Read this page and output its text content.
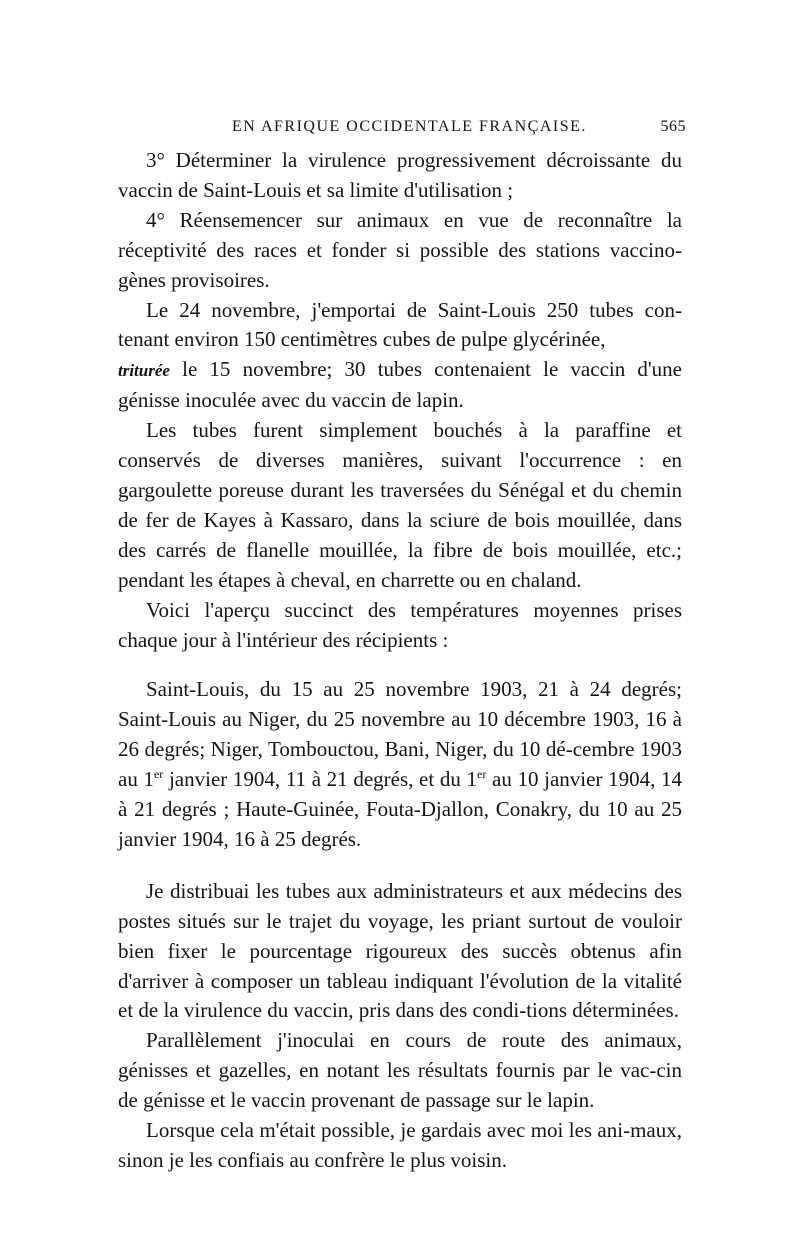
EN AFRIQUE OCCIDENTALE FRANÇAISE.	565

3° Déterminer la virulence progressivement décroissante du vaccin de Saint-Louis et sa limite d'utilisation ;

4° Réensemencer sur animaux en vue de reconnaître la réceptivité des races et fonder si possible des stations vaccino-gènes provisoires.

Le 24 novembre, j'emportai de Saint-Louis 250 tubes con-tenant environ 150 centimètres cubes de pulpe glycérinée,
triturée le 15 novembre; 30 tubes contenaient le vaccin d'une génisse inoculée avec du vaccin de lapin.

Les tubes furent simplement bouchés à la paraffine et conservés de diverses manières, suivant l'occurrence : en gargoulette poreuse durant les traversées du Sénégal et du chemin de fer de Kayes à Kassaro, dans la sciure de bois mouillée, dans des carrés de flanelle mouillée, la fibre de bois mouillée, etc.; pendant les étapes à cheval, en charrette ou en chaland.

Voici l'aperçu succinct des températures moyennes prises chaque jour à l'intérieur des récipients :

Saint-Louis, du 15 au 25 novembre 1903, 21 à 24 degrés; Saint-Louis au Niger, du 25 novembre au 10 décembre 1903, 16 à 26 degrés; Niger, Tombouctou, Bani, Niger, du 10 dé-cembre 1903 au 1er janvier 1904, 11 à 21 degrés, et du 1er au 10 janvier 1904, 14 à 21 degrés ; Haute-Guinée, Fouta-Djallon, Conakry, du 10 au 25 janvier 1904, 16 à 25 degrés.

Je distribuai les tubes aux administrateurs et aux médecins des postes situés sur le trajet du voyage, les priant surtout de vouloir bien fixer le pourcentage rigoureux des succès obtenus afin d'arriver à composer un tableau indiquant l'évolution de la vitalité et de la virulence du vaccin, pris dans des condi-tions déterminées.

Parallèlement j'inoculai en cours de route des animaux, génisses et gazelles, en notant les résultats fournis par le vac-cin de génisse et le vaccin provenant de passage sur le lapin.

Lorsque cela m'était possible, je gardais avec moi les ani-maux, sinon je les confiais au confrère le plus voisin.
